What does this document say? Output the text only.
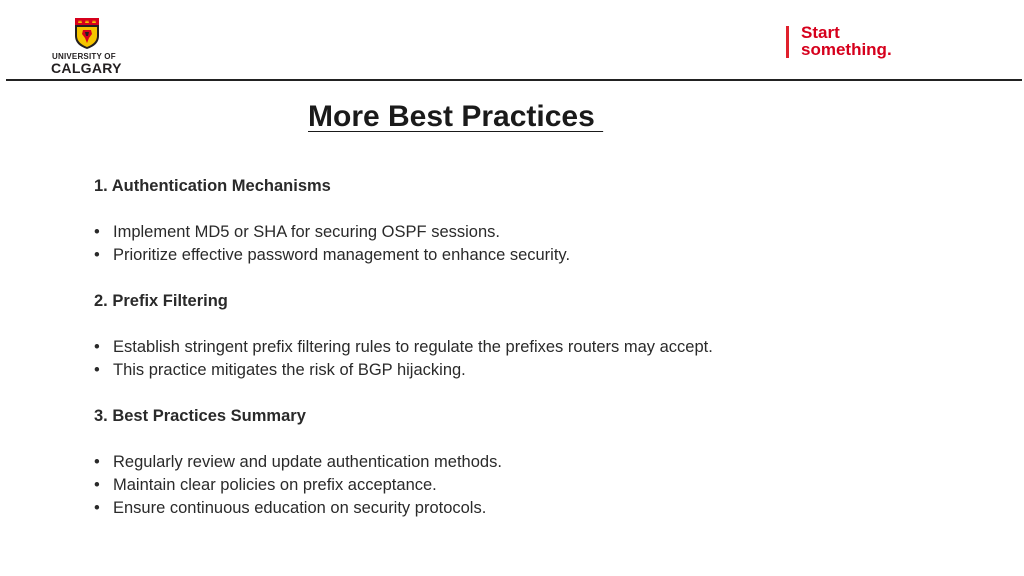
UNIVERSITY OF
CALGARY
Start
something.
More Best Practices
1. Authentication Mechanisms
• Implement MD5 or SHA for securing OSPF sessions.
• Prioritize effective password management to enhance security.
2. Prefix Filtering
• Establish stringent prefix filtering rules to regulate the prefixes routers may accept.
• This practice mitigates the risk of BGP hijacking.
3. Best Practices Summary
• Regularly review and update authentication methods.
• Maintain clear policies on prefix acceptance.
• Ensure continuous education on security protocols.
